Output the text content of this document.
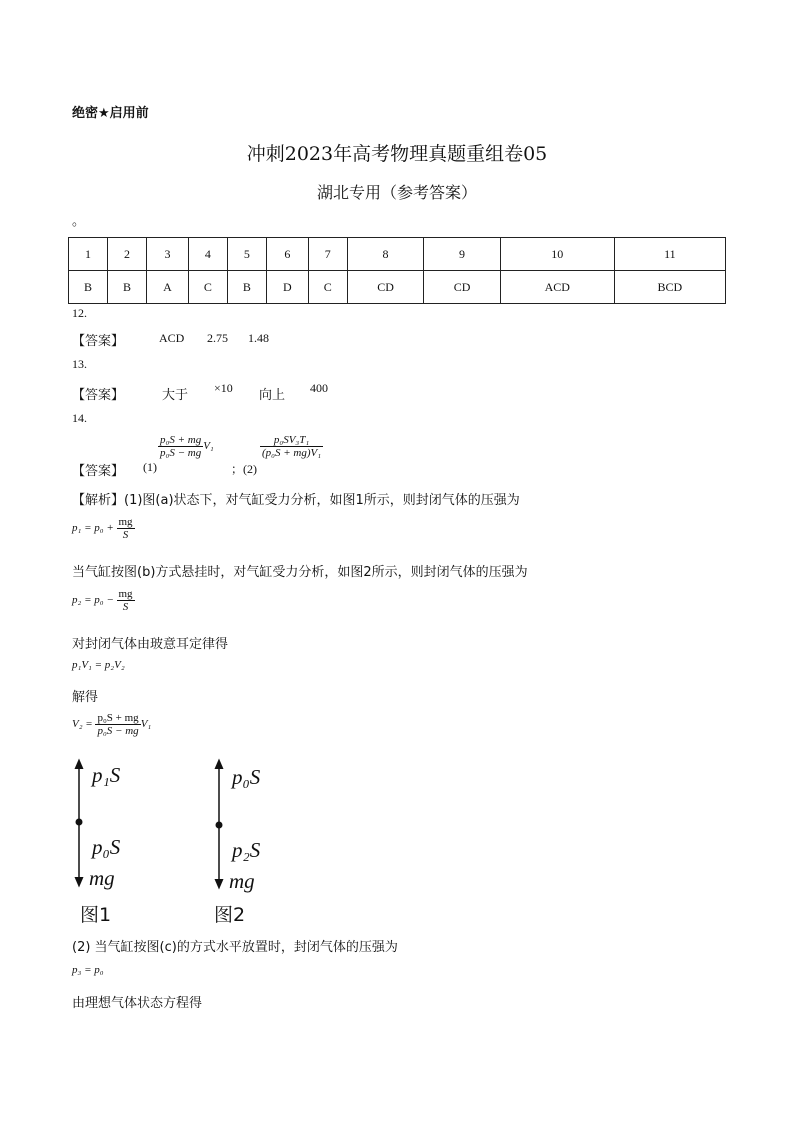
绝密★启用前
冲刺2023年高考物理真题重组卷05
湖北专用（参考答案）
。
1	2	3	4	5	6	7	8	9	10	11
B	B	A	C	B	D	C	CD	CD	ACD	BCD
12.
【答案】	ACD 2.75 1.48
13.
【答案】	大于 ×10 向上 400
14.
【答案】 (1)
$\frac{\text{p₀S + mg}}{\text{p₀S − mg}} V_1$
；(2)
$\frac{\text{p₀SV₃T₁}}{\text{(p₀S + mg)V₁}}$
【解析】(1)图(a)状态下，对气缸受力分析，如图1所示，则封闭气体的压强为
$p_1 = p_0 + \frac{mg}{S}$
当气缸按图(b)方式悬挂时，对气缸受力分析，如图2所示，则封闭气体的压强为
$p_2 = p_0 - \frac{mg}{S}$
对封闭气体由玻意耳定律得
p₁V₁ = p₂V₂
解得
$V_2 = \frac{\text{p₀S + mg}}{\text{p₀S − mg}} V_1$
p₁S
p₀S
mg
图1
p₀S
p₂S
mg
图2
(2) 当气缸按图(c)的方式水平放置时，封闭气体的压强为
p₃ = p₀
由理想气体状态方程得
